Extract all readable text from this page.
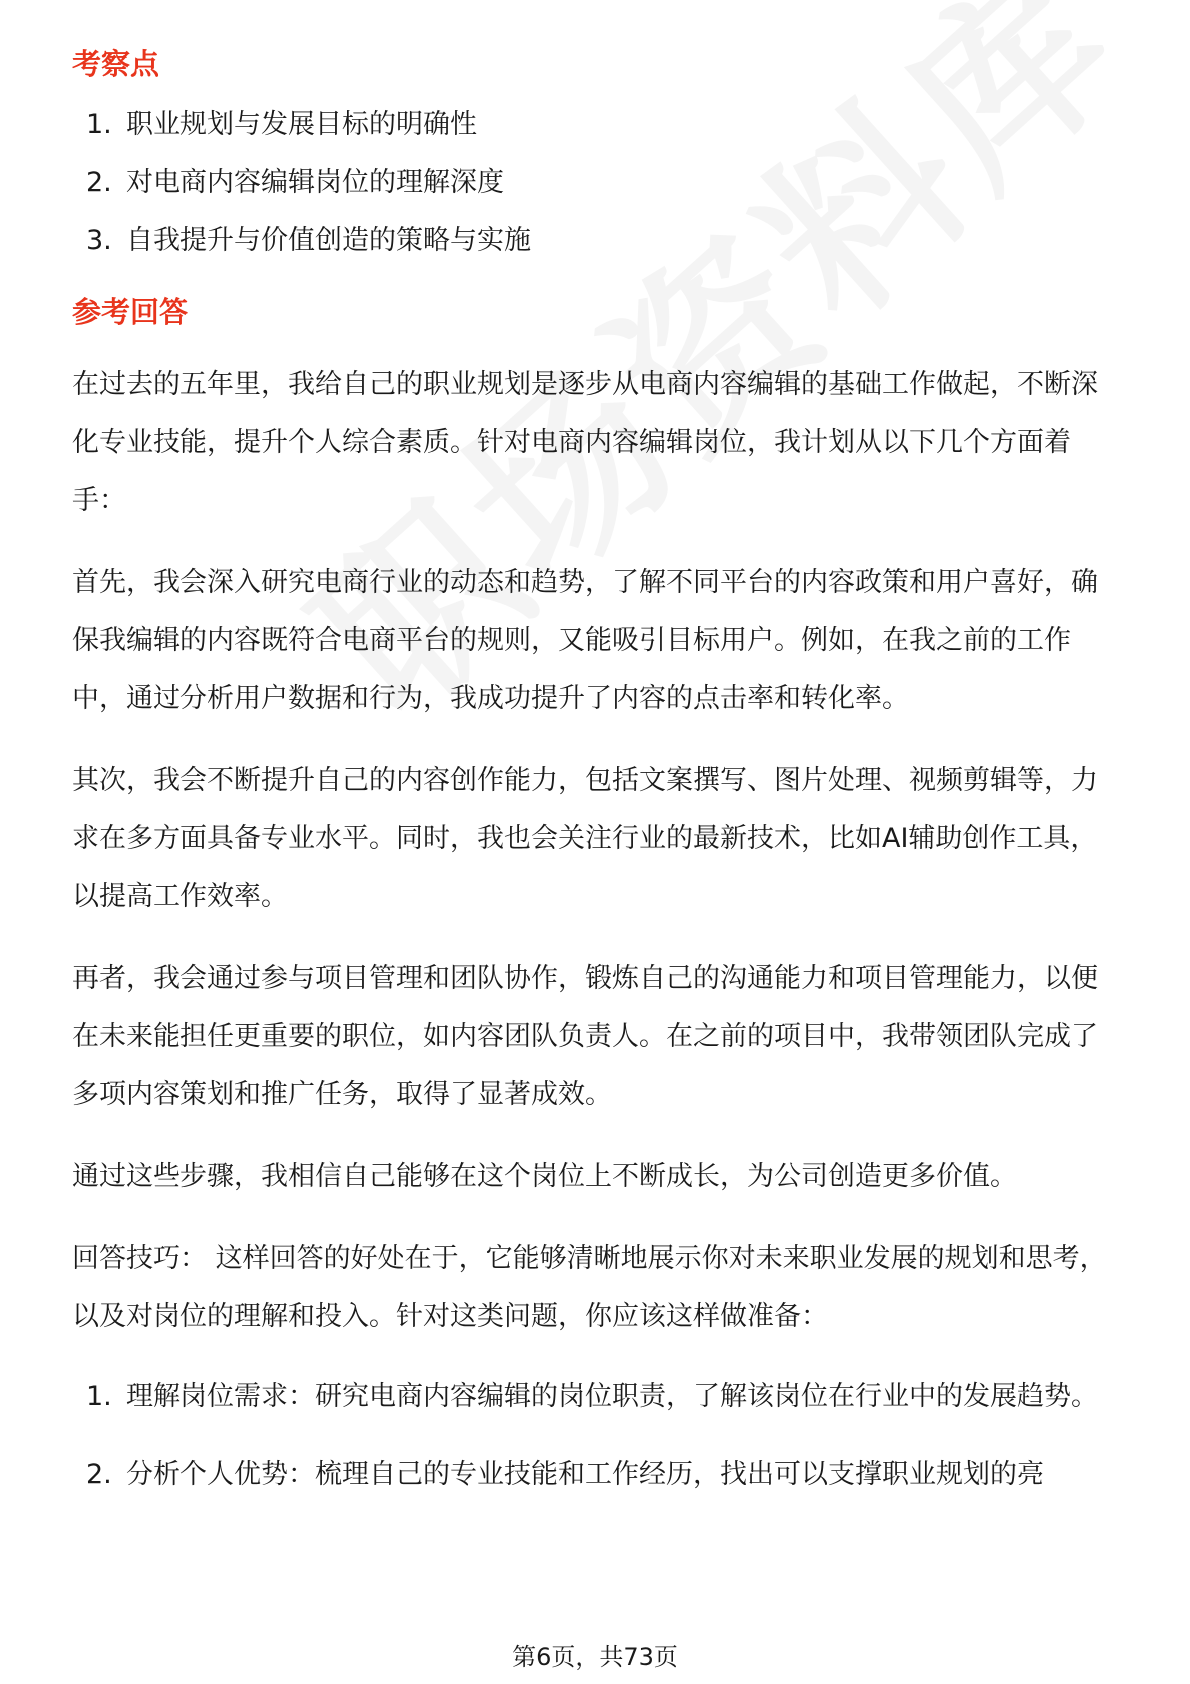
考察点
1. 职业规划与发展目标的明确性
2. 对电商内容编辑岗位的理解深度
3. 自我提升与价值创造的策略与实施
参考回答

在过去的五年里，我给自己的职业规划是逐步从电商内容编辑的基础工作做起，不断深化专业技能，提升个人综合素质。针对电商内容编辑岗位，我计划从以下几个方面着手：

首先，我会深入研究电商行业的动态和趋势，了解不同平台的内容政策和用户喜好，确保我编辑的内容既符合电商平台的规则，又能吸引目标用户。例如，在我之前的工作中，通过分析用户数据和行为，我成功提升了内容的点击率和转化率。

其次，我会不断提升自己的内容创作能力，包括文案撰写、图片处理、视频剪辑等，力求在多方面具备专业水平。同时，我也会关注行业的最新技术，比如AI辅助创作工具，以提高工作效率。

再者，我会通过参与项目管理和团队协作，锻炼自己的沟通能力和项目管理能力，以便在未来能担任更重要的职位，如内容团队负责人。在之前的项目中，我带领团队完成了多项内容策划和推广任务，取得了显著成效。

通过这些步骤，我相信自己能够在这个岗位上不断成长，为公司创造更多价值。

回答技巧： 这样回答的好处在于，它能够清晰地展示你对未来职业发展的规划和思考，以及对岗位的理解和投入。针对这类问题，你应该这样做准备：

1. 理解岗位需求：研究电商内容编辑的岗位职责，了解该岗位在行业中的发展趋势。
2. 分析个人优势：梳理自己的专业技能和工作经历，找出可以支撑职业规划的亮
第6页，共73页
